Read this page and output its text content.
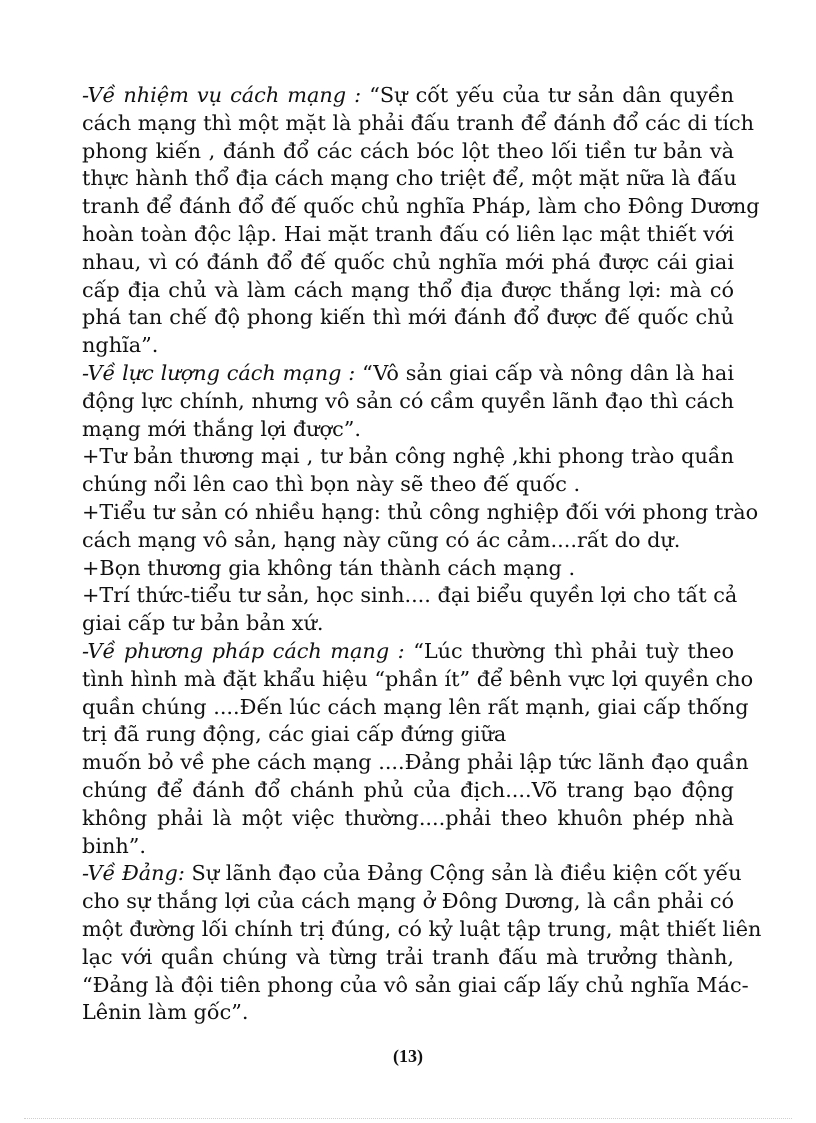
-Về nhiệm vụ cách mạng : “Sự cốt yếu của tư sản dân quyền
cách mạng thì một mặt là phải đấu tranh để đánh đổ các di tích
phong kiến , đánh đổ các cách bóc lột theo lối tiền tư bản và
thực hành thổ địa cách mạng cho triệt để, một mặt nữa là đấu
tranh để đánh đổ đế quốc chủ nghĩa Pháp, làm cho Đông Dương
hoàn toàn độc lập. Hai mặt tranh đấu có liên lạc mật thiết với
nhau, vì có đánh đổ đế quốc chủ nghĩa mới phá được cái giai
cấp địa chủ và làm cách mạng thổ địa được thắng lợi: mà có
phá tan chế độ phong kiến thì mới đánh đổ được đế quốc chủ
nghĩa”.
-Về lực lượng cách mạng : “Vô sản giai cấp và nông dân là hai
động lực chính, nhưng vô sản có cầm quyền lãnh đạo thì cách
mạng mới thắng lợi được”.
+Tư bản thương mại , tư bản công nghệ ,khi phong trào quần
chúng nổi lên cao thì bọn này sẽ theo đế quốc .
+Tiểu tư sản có nhiều hạng: thủ công nghiệp đối với phong trào
cách mạng vô sản, hạng này cũng có ác cảm....rất do dự.
+Bọn thương gia không tán thành cách mạng .
+Trí thức-tiểu tư sản, học sinh.... đại biểu quyền lợi cho tất cả
giai cấp tư bản bản xứ.
-Về phương pháp cách mạng : “Lúc thường thì phải tuỳ theo
tình hình mà đặt khẩu hiệu “phần ít” để bênh vực lợi quyền cho
quần chúng ....Đến lúc cách mạng lên rất mạnh, giai cấp thống
trị đã rung động, các giai cấp đứng giữa
muốn bỏ về phe cách mạng ....Đảng phải lập tức lãnh đạo quần
chúng để đánh đổ chánh phủ của địch....Võ trang bạo động
không phải là một việc thường....phải theo khuôn phép nhà
binh”.
-Về Đảng: Sự lãnh đạo của Đảng Cộng sản là điều kiện cốt yếu
cho sự thắng lợi của cách mạng ở Đông Dương, là cần phải có
một đường lối chính trị đúng, có kỷ luật tập trung, mật thiết liên
lạc với quần chúng và từng trải tranh đấu mà trưởng thành,
“Đảng là đội tiên phong của vô sản giai cấp lấy chủ nghĩa Mác-
Lênin làm gốc”.
(13)
